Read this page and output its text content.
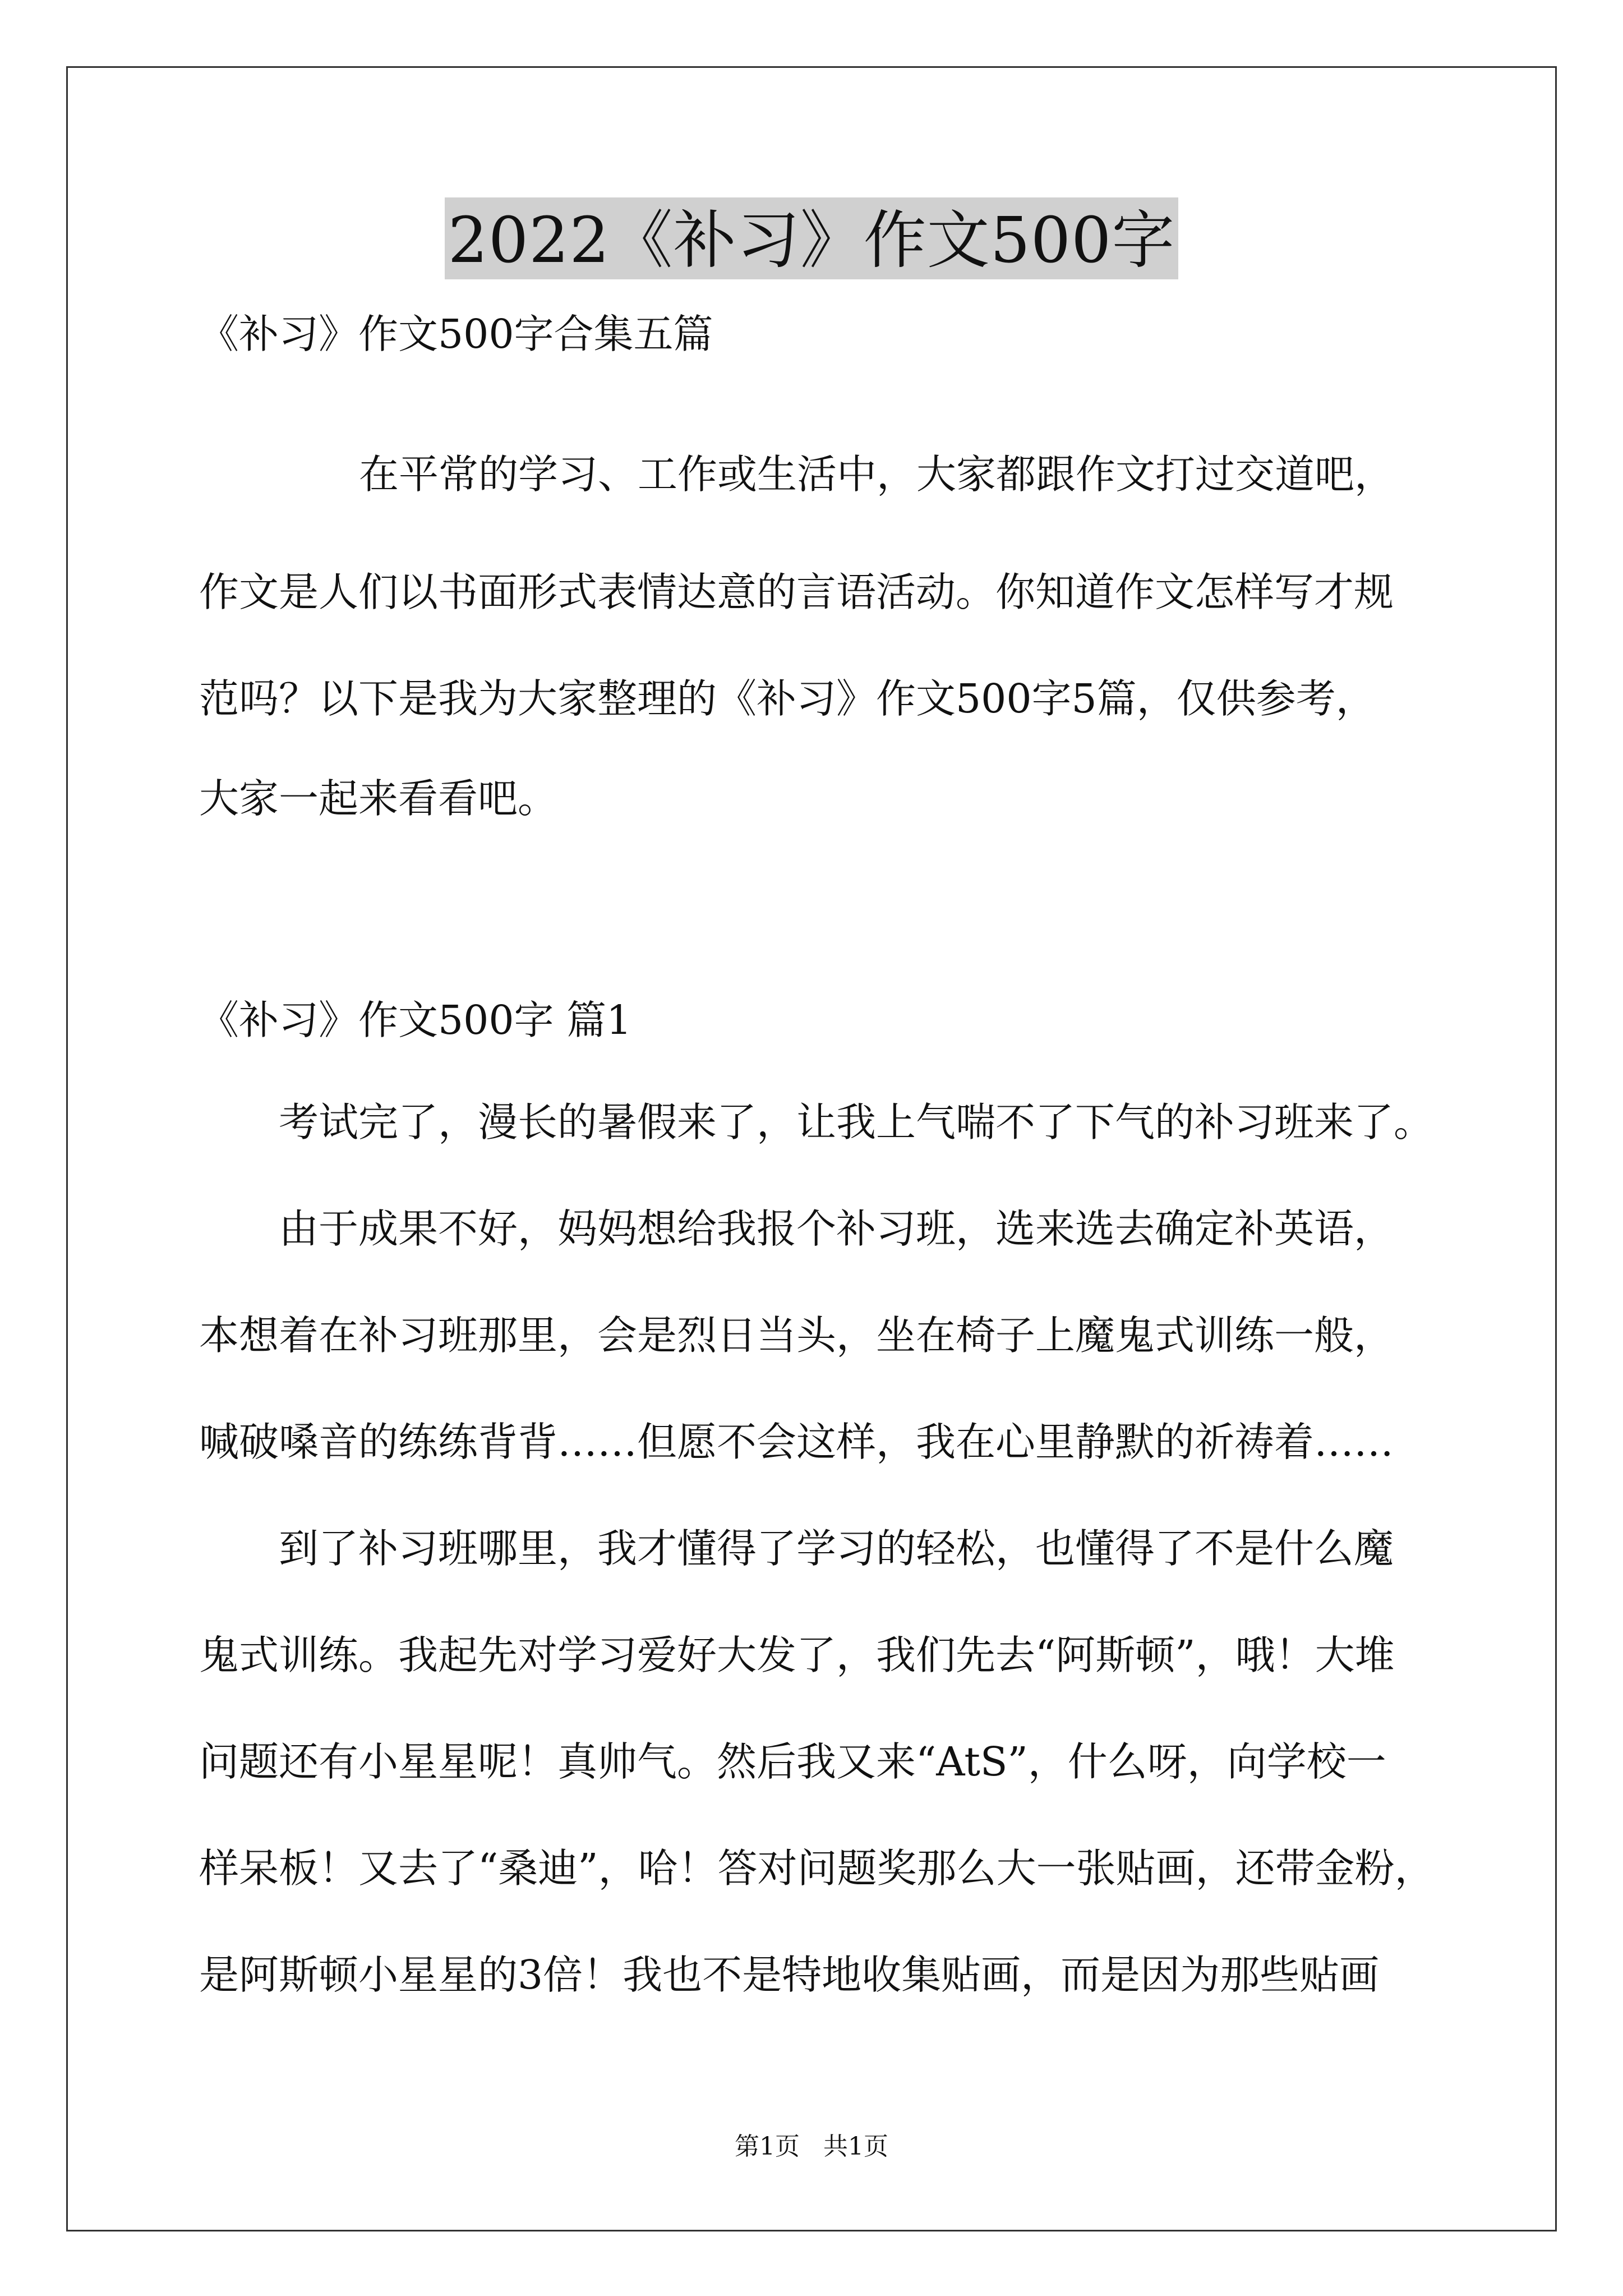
2022《补习》作文500字
《补习》作文500字合集五篇
在平常的学习、工作或生活中，大家都跟作文打过交道吧，
作文是人们以书面形式表情达意的言语活动。你知道作文怎样写才规
范吗？以下是我为大家整理的《补习》作文500字5篇，仅供参考，
大家一起来看看吧。
《补习》作文500字 篇1
考试完了，漫长的暑假来了，让我上气喘不了下气的补习班来了。
由于成果不好，妈妈想给我报个补习班，选来选去确定补英语，
本想着在补习班那里，会是烈日当头，坐在椅子上魔鬼式训练一般，
喊破嗓音的练练背背……但愿不会这样，我在心里静默的祈祷着……
到了补习班哪里，我才懂得了学习的轻松，也懂得了不是什么魔
鬼式训练。我起先对学习爱好大发了，我们先去“阿斯顿”，哦！大堆
问题还有小星星呢！真帅气。然后我又来“AtS”，什么呀，向学校一
样呆板！又去了“桑迪”，哈！答对问题奖那么大一张贴画，还带金粉，
是阿斯顿小星星的3倍！我也不是特地收集贴画，而是因为那些贴画
第1页   共1页
